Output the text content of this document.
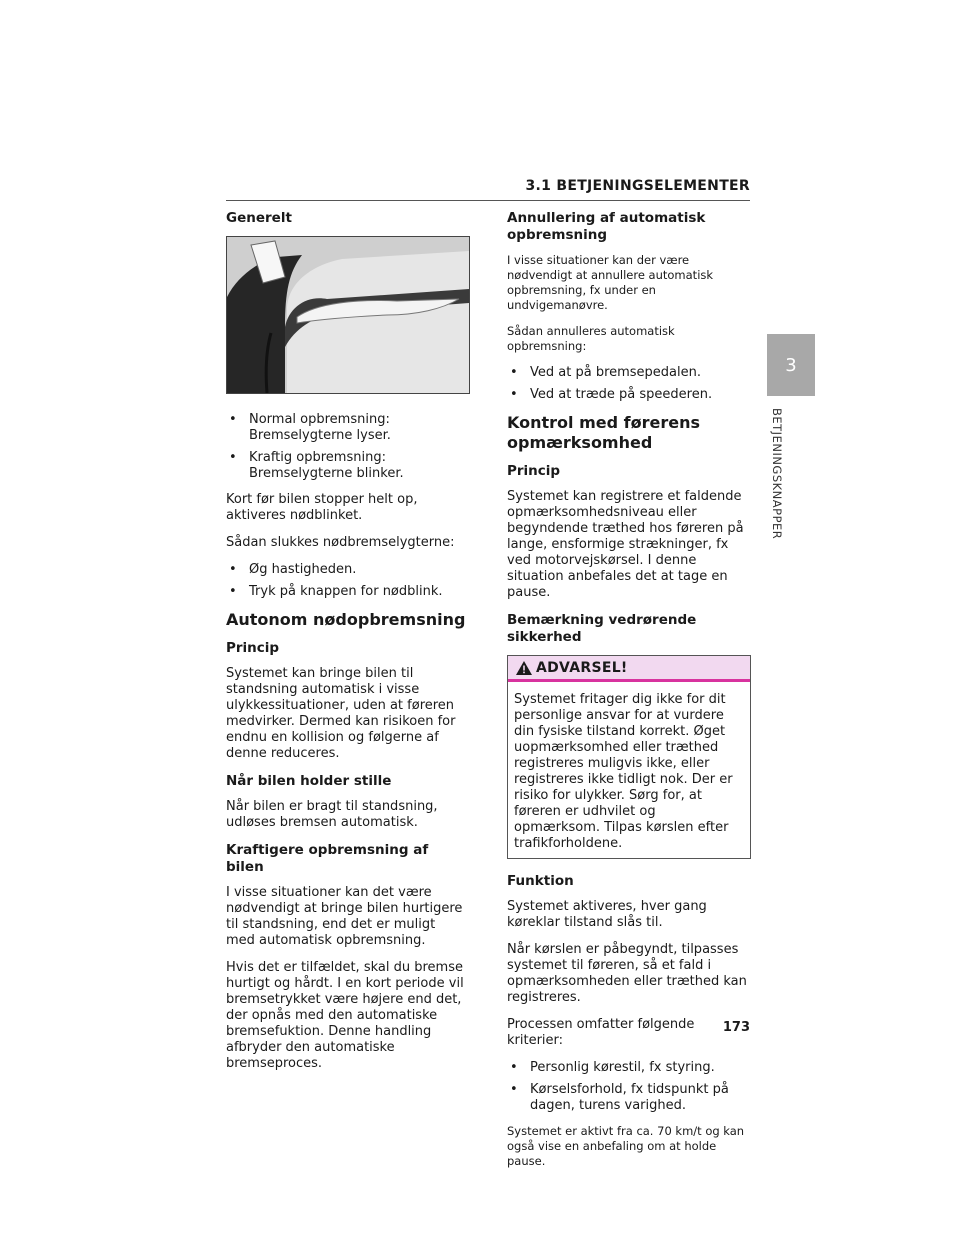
3.1 BETJENINGSELEMENTER
Generelt
• Normal opbremsning: Bremselygterne lyser.
• Kraftig opbremsning: Bremselygterne blinker.

Kort før bilen stopper helt op, aktiveres nødblinket.

Sådan slukkes nødbremselygterne:

• Øg hastigheden.
• Tryk på knappen for nødblink.
Autonom nødopbremsning
Princip

Systemet kan bringe bilen til standsning automatisk i visse ulykkessituationer, uden at føreren medvirker. Dermed kan risikoen for endnu en kollision og følgerne af denne reduceres.

Når bilen holder stille

Når bilen er bragt til standsning, udløses bremsen automatisk.

Kraftigere opbremsning af bilen

I visse situationer kan det være nødvendigt at bringe bilen hurtigere til standsning, end det er muligt med automatisk opbremsning.

Hvis det er tilfældet, skal du bremse hurtigt og hårdt. I en kort periode vil bremsetrykket være højere end det, der opnås med den automatiske bremsefuktion. Denne handling afbryder den automatiske bremseproces.

Annullering af automatisk opbremsning

I visse situationer kan der være nødvendigt at annullere automatisk opbremsning, fx under en undvigemanøvre.

Sådan annulleres automatisk opbremsning:

• Ved at på bremsepedalen.
• Ved at træde på speederen.
Kontrol med førerens opmærksomhed
Princip

Systemet kan registrere et faldende opmærksomhedsniveau eller begyndende træthed hos føreren på lange, ensformige strækninger, fx ved motorvejskørsel. I denne situation anbefales det at tage en pause.

Bemærkning vedrørende sikkerhed
ADVARSEL!

Systemet fritager dig ikke for dit personlige ansvar for at vurdere din fysiske tilstand korrekt. Øget uopmærksomhed eller træthed registreres muligvis ikke, eller registreres ikke tidligt nok. Der er risiko for ulykker. Sørg for, at føreren er udhvilet og opmærksom. Tilpas kørslen efter trafikforholdene.

Funktion

Systemet aktiveres, hver gang køreklar tilstand slås til.

Når kørslen er påbegyndt, tilpasses systemet til føreren, så et fald i opmærksomheden eller træthed kan registreres.

Processen omfatter følgende kriterier:

• Personlig kørestil, fx styring.
• Kørselsforhold, fx tidspunkt på dagen, turens varighed.

Systemet er aktivt fra ca. 70 km/t og kan også vise en anbefaling om at holde pause.

3
BETJENINGSKNAPPER
173
